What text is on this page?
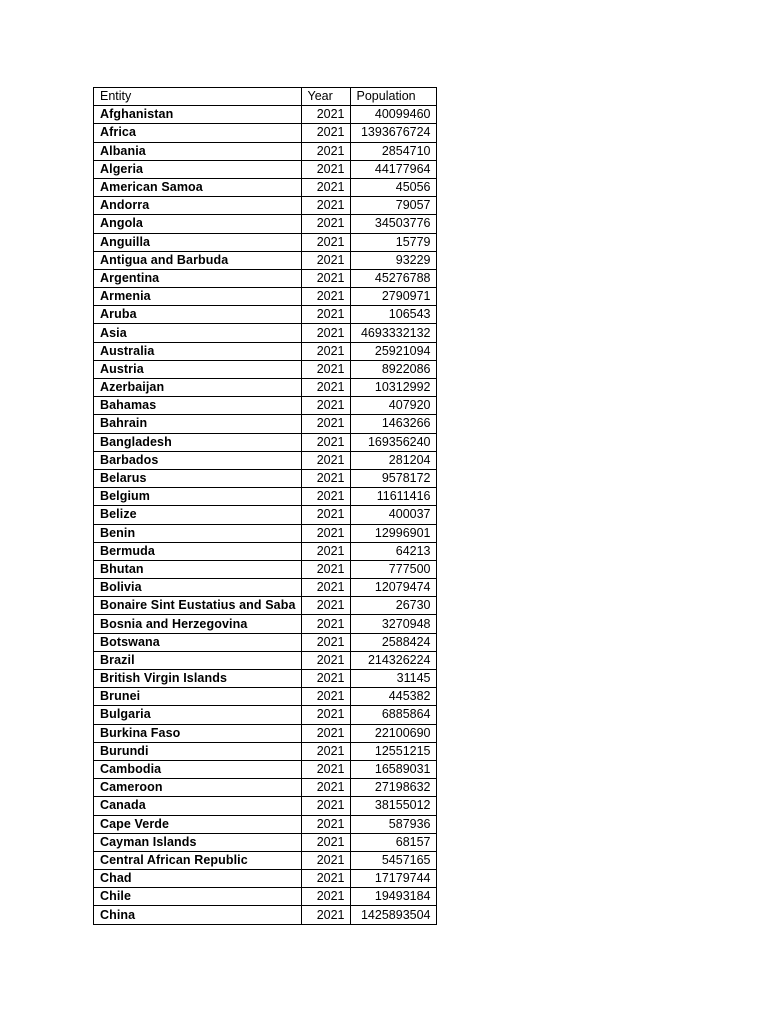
Entity	Year	Population
Afghanistan	2021	40099460
Africa	2021	1393676724
Albania	2021	2854710
Algeria	2021	44177964
American Samoa	2021	45056
Andorra	2021	79057
Angola	2021	34503776
Anguilla	2021	15779
Antigua and Barbuda	2021	93229
Argentina	2021	45276788
Armenia	2021	2790971
Aruba	2021	106543
Asia	2021	4693332132
Australia	2021	25921094
Austria	2021	8922086
Azerbaijan	2021	10312992
Bahamas	2021	407920
Bahrain	2021	1463266
Bangladesh	2021	169356240
Barbados	2021	281204
Belarus	2021	9578172
Belgium	2021	11611416
Belize	2021	400037
Benin	2021	12996901
Bermuda	2021	64213
Bhutan	2021	777500
Bolivia	2021	12079474
Bonaire Sint Eustatius and Saba	2021	26730
Bosnia and Herzegovina	2021	3270948
Botswana	2021	2588424
Brazil	2021	214326224
British Virgin Islands	2021	31145
Brunei	2021	445382
Bulgaria	2021	6885864
Burkina Faso	2021	22100690
Burundi	2021	12551215
Cambodia	2021	16589031
Cameroon	2021	27198632
Canada	2021	38155012
Cape Verde	2021	587936
Cayman Islands	2021	68157
Central African Republic	2021	5457165
Chad	2021	17179744
Chile	2021	19493184
China	2021	1425893504
